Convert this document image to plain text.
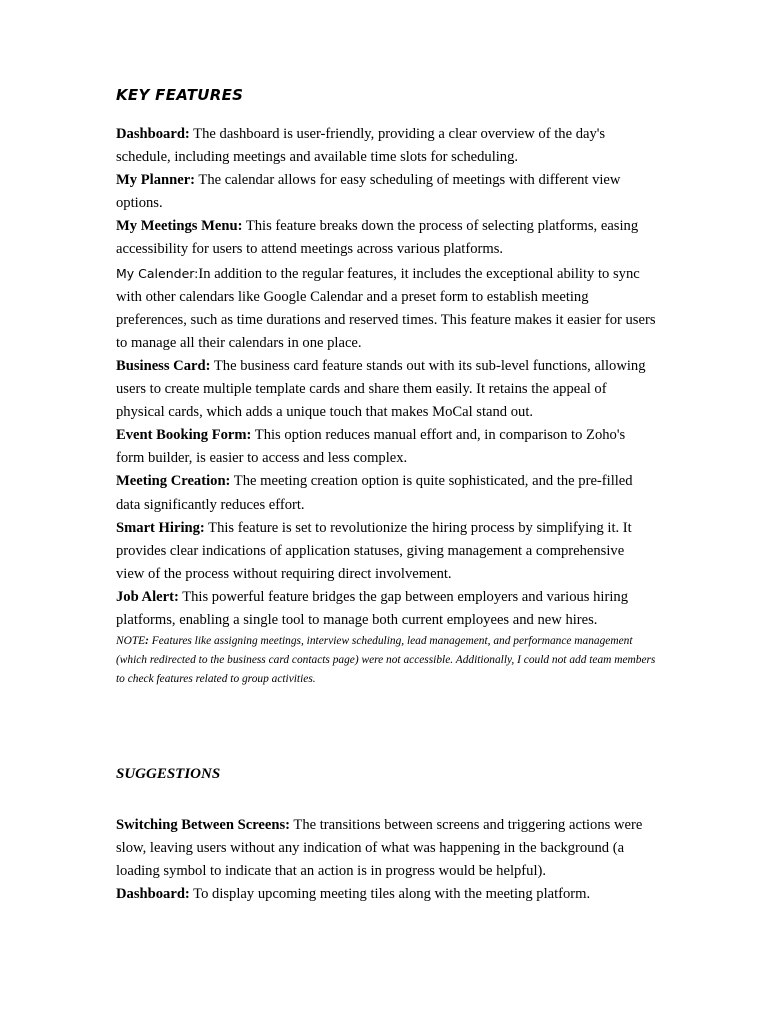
KEY FEATURES

Dashboard: The dashboard is user-friendly, providing a clear overview of the day's schedule, including meetings and available time slots for scheduling.

My Planner: The calendar allows for easy scheduling of meetings with different view options.

My Meetings Menu: This feature breaks down the process of selecting platforms, easing accessibility for users to attend meetings across various platforms.

My Calender:In addition to the regular features, it includes the exceptional ability to sync with other calendars like Google Calendar and a preset form to establish meeting preferences, such as time durations and reserved times. This feature makes it easier for users to manage all their calendars in one place.

Business Card: The business card feature stands out with its sub-level functions, allowing users to create multiple template cards and share them easily. It retains the appeal of physical cards, which adds a unique touch that makes MoCal stand out.

Event Booking Form: This option reduces manual effort and, in comparison to Zoho's form builder, is easier to access and less complex.

Meeting Creation: The meeting creation option is quite sophisticated, and the pre-filled data significantly reduces effort.

Smart Hiring: This feature is set to revolutionize the hiring process by simplifying it. It provides clear indications of application statuses, giving management a comprehensive view of the process without requiring direct involvement.

Job Alert: This powerful feature bridges the gap between employers and various hiring platforms, enabling a single tool to manage both current employees and new hires.

NOTE: Features like assigning meetings, interview scheduling, lead management, and performance management (which redirected to the business card contacts page) were not accessible. Additionally, I could not add team members to check features related to group activities.

SUGGESTIONS

Switching Between Screens: The transitions between screens and triggering actions were slow, leaving users without any indication of what was happening in the background (a loading symbol to indicate that an action is in progress would be helpful).

Dashboard: To display upcoming meeting tiles along with the meeting platform.
